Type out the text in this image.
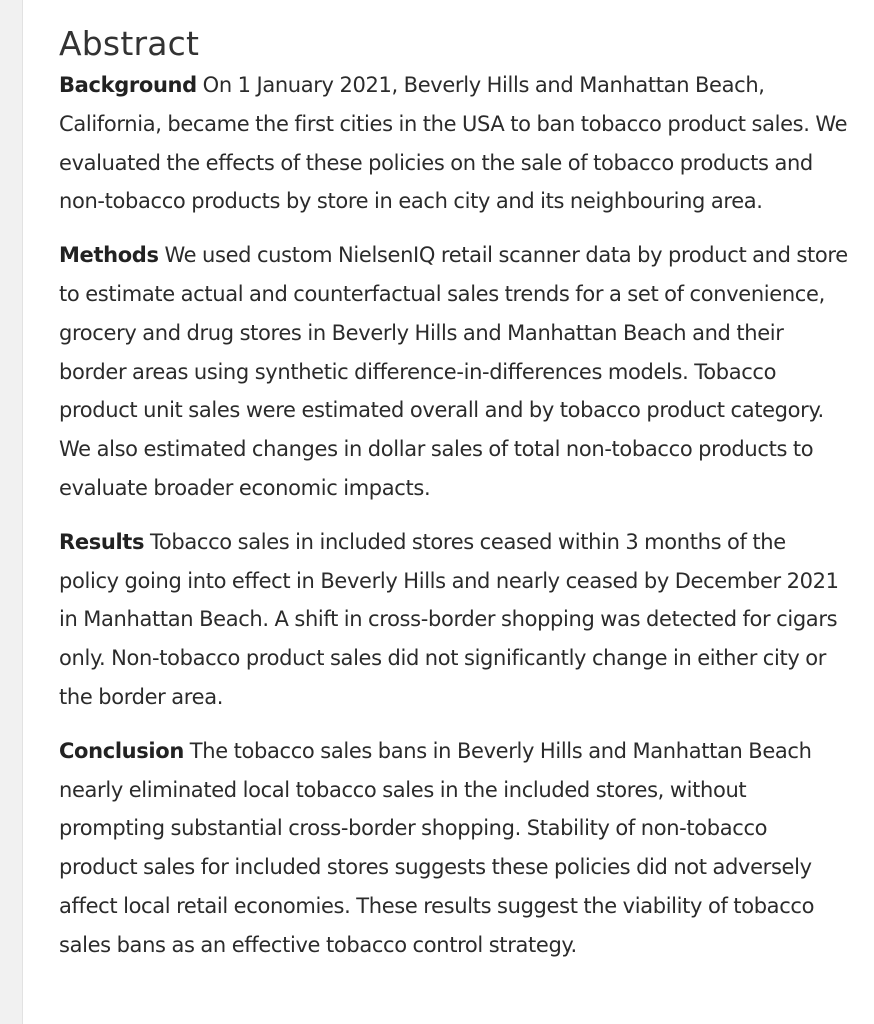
Abstract

Background On 1 January 2021, Beverly Hills and Manhattan Beach, California, became the first cities in the USA to ban tobacco product sales. We evaluated the effects of these policies on the sale of tobacco products and non-tobacco products by store in each city and its neighbouring area.

Methods We used custom NielsenIQ retail scanner data by product and store to estimate actual and counterfactual sales trends for a set of convenience, grocery and drug stores in Beverly Hills and Manhattan Beach and their border areas using synthetic difference-in-differences models. Tobacco product unit sales were estimated overall and by tobacco product category. We also estimated changes in dollar sales of total non-tobacco products to evaluate broader economic impacts.

Results Tobacco sales in included stores ceased within 3 months of the policy going into effect in Beverly Hills and nearly ceased by December 2021 in Manhattan Beach. A shift in cross-border shopping was detected for cigars only. Non-tobacco product sales did not significantly change in either city or the border area.

Conclusion The tobacco sales bans in Beverly Hills and Manhattan Beach nearly eliminated local tobacco sales in the included stores, without prompting substantial cross-border shopping. Stability of non-tobacco product sales for included stores suggests these policies did not adversely affect local retail economies. These results suggest the viability of tobacco sales bans as an effective tobacco control strategy.
